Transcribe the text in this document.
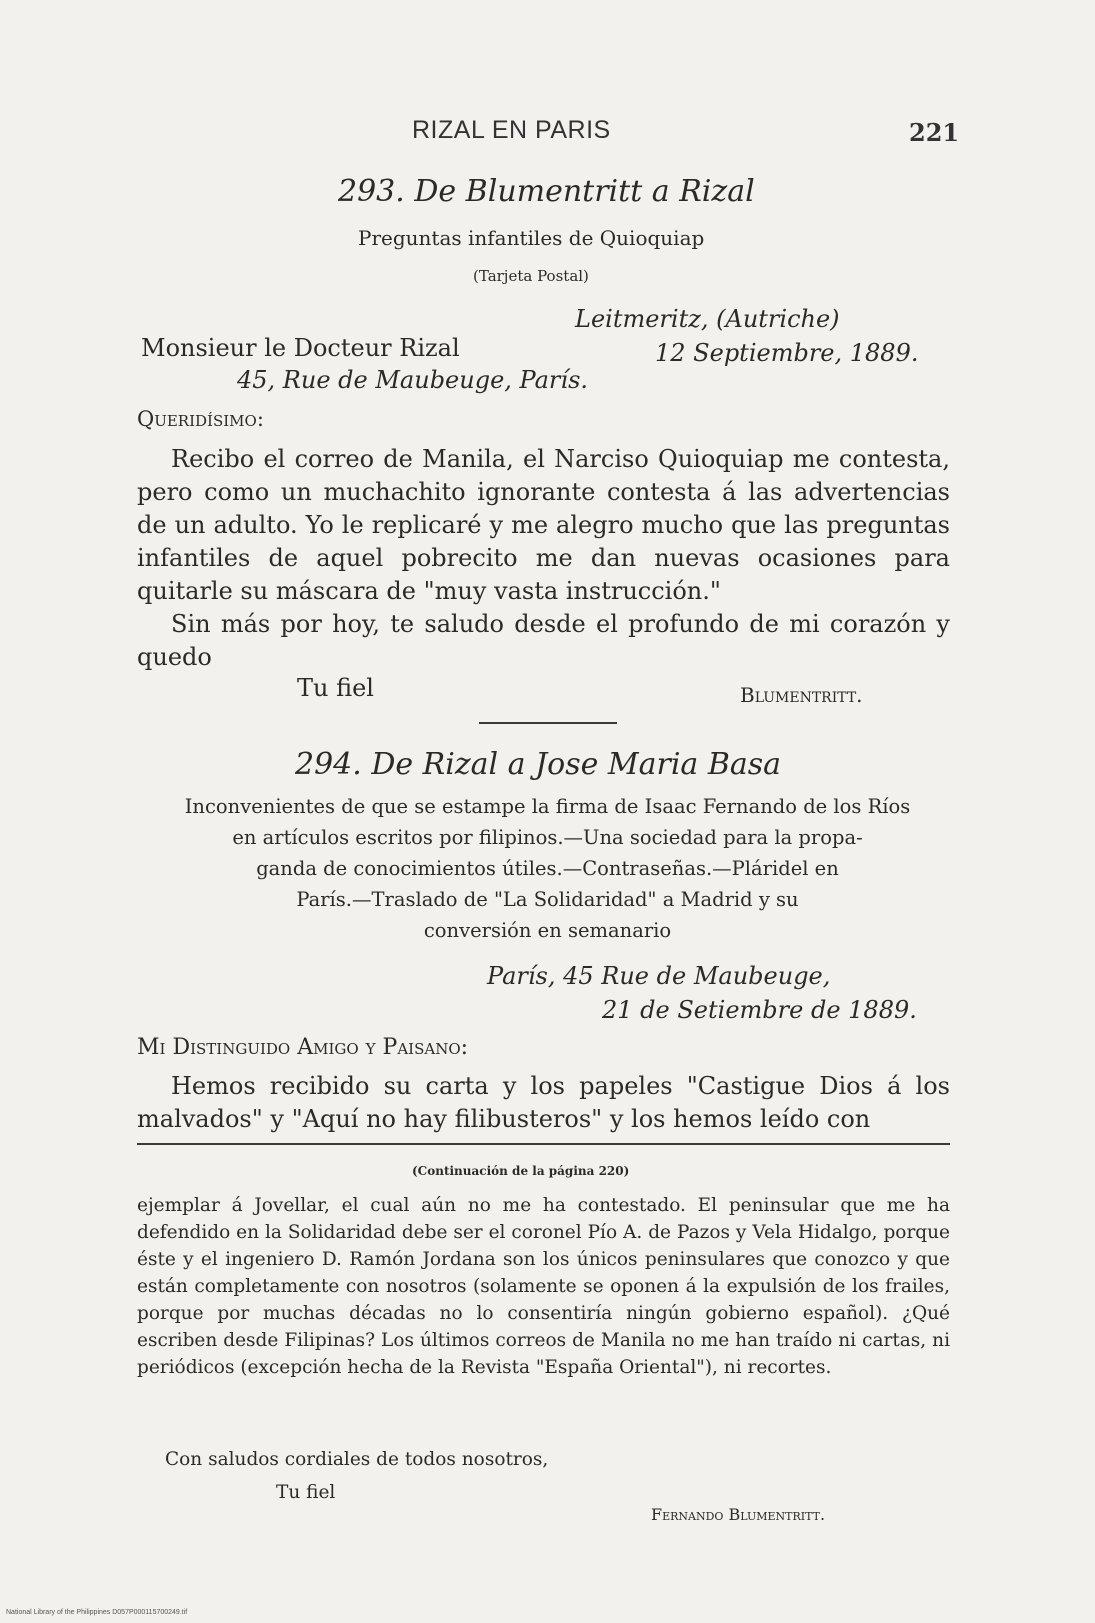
RIZAL EN PARIS	221
293. De Blumentritt a Rizal
Preguntas infantiles de Quioquiap
(Tarjeta Postal)
Leitmeritz, (Autriche)
Monsieur le Docteur Rizal	12 Septiembre, 1889.
45, Rue de Maubeuge, París.
Queridísimo:

Recibo el correo de Manila, el Narciso Quioquiap me contesta, pero como un muchachito ignorante contesta á las advertencias de un adulto. Yo le replicaré y me alegro mucho que las preguntas infantiles de aquel pobrecito me dan nuevas ocasiones para quitarle su máscara de "muy vasta instrucción."

Sin más por hoy, te saludo desde el profundo de mi corazón y quedo

Tu fiel	Blumentritt.
294. De Rizal a Jose Maria Basa
Inconvenientes de que se estampe la firma de Isaac Fernando de los Ríos
en artículos escritos por filipinos.—Una sociedad para la propa-
ganda de conocimientos útiles.—Contraseñas.—Pláridel en
París.—Traslado de "La Solidaridad" a Madrid y su
conversión en semanario
París, 45 Rue de Maubeuge,
21 de Setiembre de 1889.
Mi Distinguido Amigo y Paisano:

Hemos recibido su carta y los papeles "Castigue Dios á los malvados" y "Aquí no hay filibusteros" y los hemos leído con

(Continuación de la página 220)

ejemplar á Jovellar, el cual aún no me ha contestado. El peninsular que me ha defendido en la Solidaridad debe ser el coronel Pío A. de Pazos y Vela Hidalgo, porque éste y el ingeniero D. Ramón Jordana son los únicos peninsulares que conozco y que están completamente con nosotros (solamente se oponen á la expulsión de los frailes, porque por muchas décadas no lo consentiría ningún gobierno español). ¿Qué escriben desde Filipinas? Los últimos correos de Manila no me han traído ni cartas, ni periódicos (excepción hecha de la Revista "España Oriental"), ni recortes.

Con saludos cordiales de todos nosotros,
Tu fiel
Fernando Blumentritt.
National Library of the Philippines D057P000115700249.tif
